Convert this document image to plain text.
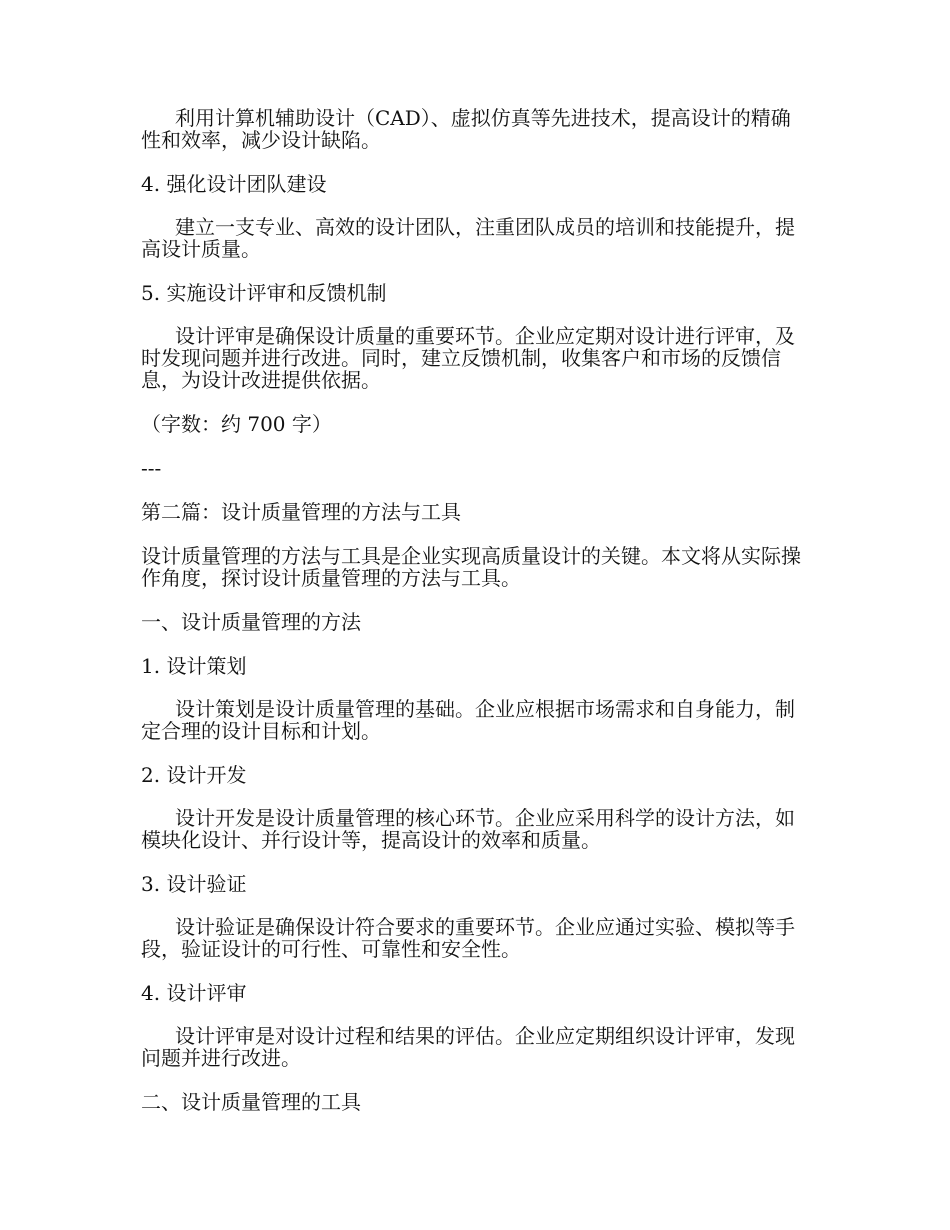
利用计算机辅助设计（CAD）、虚拟仿真等先进技术，提高设计的精确性和效率，减少设计缺陷。

4. 强化设计团队建设

建立一支专业、高效的设计团队，注重团队成员的培训和技能提升，提高设计质量。

5. 实施设计评审和反馈机制

设计评审是确保设计质量的重要环节。企业应定期对设计进行评审，及时发现问题并进行改进。同时，建立反馈机制，收集客户和市场的反馈信息，为设计改进提供依据。

（字数：约 700 字）

---

第二篇：设计质量管理的方法与工具

设计质量管理的方法与工具是企业实现高质量设计的关键。本文将从实际操作角度，探讨设计质量管理的方法与工具。

一、设计质量管理的方法

1. 设计策划

设计策划是设计质量管理的基础。企业应根据市场需求和自身能力，制定合理的设计目标和计划。

2. 设计开发

设计开发是设计质量管理的核心环节。企业应采用科学的设计方法，如模块化设计、并行设计等，提高设计的效率和质量。

3. 设计验证

设计验证是确保设计符合要求的重要环节。企业应通过实验、模拟等手段，验证设计的可行性、可靠性和安全性。

4. 设计评审

设计评审是对设计过程和结果的评估。企业应定期组织设计评审，发现问题并进行改进。

二、设计质量管理的工具
